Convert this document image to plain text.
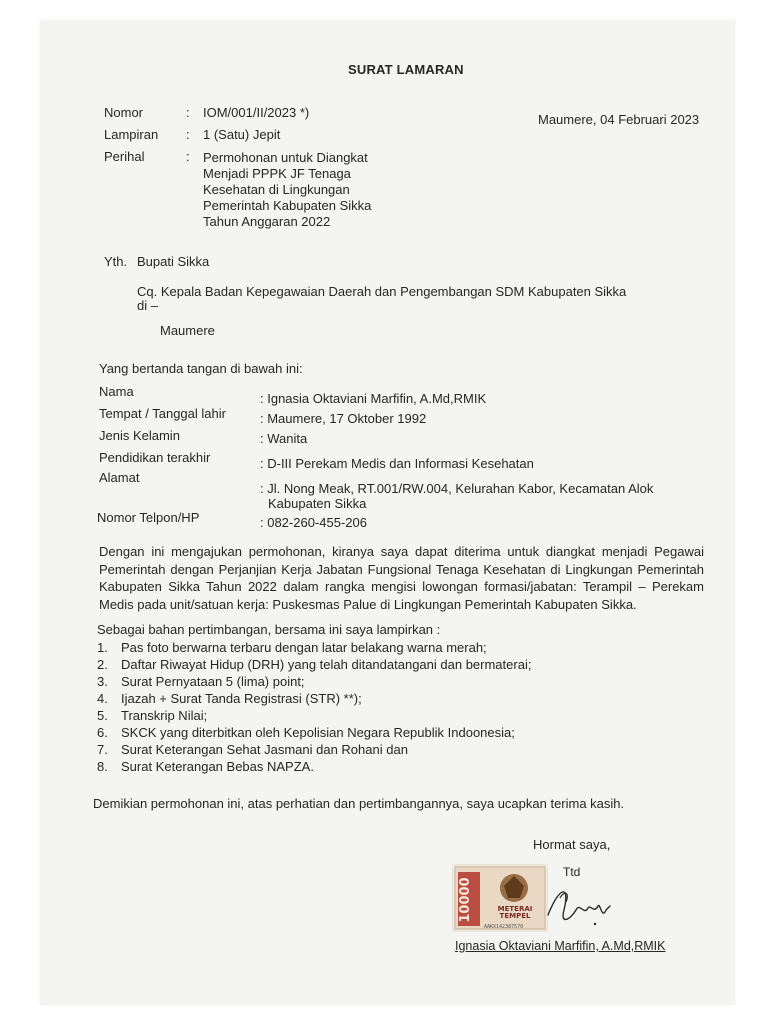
SURAT LAMARAN
Nomor	: IOM/001/II/2023 *)	Maumere, 04 Februari 2023
Lampiran : 1 (Satu) Jepit
Perihal	: Permohonan untuk Diangkat
Menjadi PPPK JF Tenaga
Kesehatan di Lingkungan
Pemerintah Kabupaten Sikka
Tahun Anggaran 2022
Yth. Bupati Sikka
Cq. Kepala Badan Kepegawaian Daerah dan Pengembangan SDM Kabupaten Sikka
di –
Maumere
Yang bertanda tangan di bawah ini:
Nama	: Ignasia Oktaviani Marfifin, A.Md,RMIK
Tempat / Tanggal lahir	: Maumere, 17 Oktober 1992
Jenis Kelamin	: Wanita
Pendidikan terakhir	: D-III Perekam Medis dan Informasi Kesehatan
Alamat
: Jl. Nong Meak, RT.001/RW.004, Kelurahan Kabor, Kecamatan Alok
Kabupaten Sikka
Nomor Telpon/HP	: 082-260-455-206
Dengan ini mengajukan permohonan, kiranya saya dapat diterima untuk diangkat menjadi Pegawai Pemerintah dengan Perjanjian Kerja Jabatan Fungsional Tenaga Kesehatan di Lingkungan Pemerintah Kabupaten Sikka Tahun 2022 dalam rangka mengisi lowongan formasi/jabatan: Terampil – Perekam Medis pada unit/satuan kerja: Puskesmas Palue di Lingkungan Pemerintah Kabupaten Sikka.
Sebagai bahan pertimbangan, bersama ini saya lampirkan :
1.	Pas foto berwarna terbaru dengan latar belakang warna merah;
2.	Daftar Riwayat Hidup (DRH) yang telah ditandatangani dan bermaterai;
3.	Surat Pernyataan 5 (lima) point;
4.	Ijazah + Surat Tanda Registrasi (STR) **);
5.	Transkrip Nilai;
6.	SKCK yang diterbitkan oleh Kepolisian Negara Republik Indoonesia;
7.	Surat Keterangan Sehat Jasmani dan Rohani dan
8.	Surat Keterangan Bebas NAPZA.
Demikian permohonan ini, atas perhatian dan pertimbangannya, saya ucapkan terima kasih.
Hormat saya,
Ttd
10000	METERAI
TEMPEL
AAKX142387570
Ignasia Oktaviani Marfifin, A.Md,RMIK
